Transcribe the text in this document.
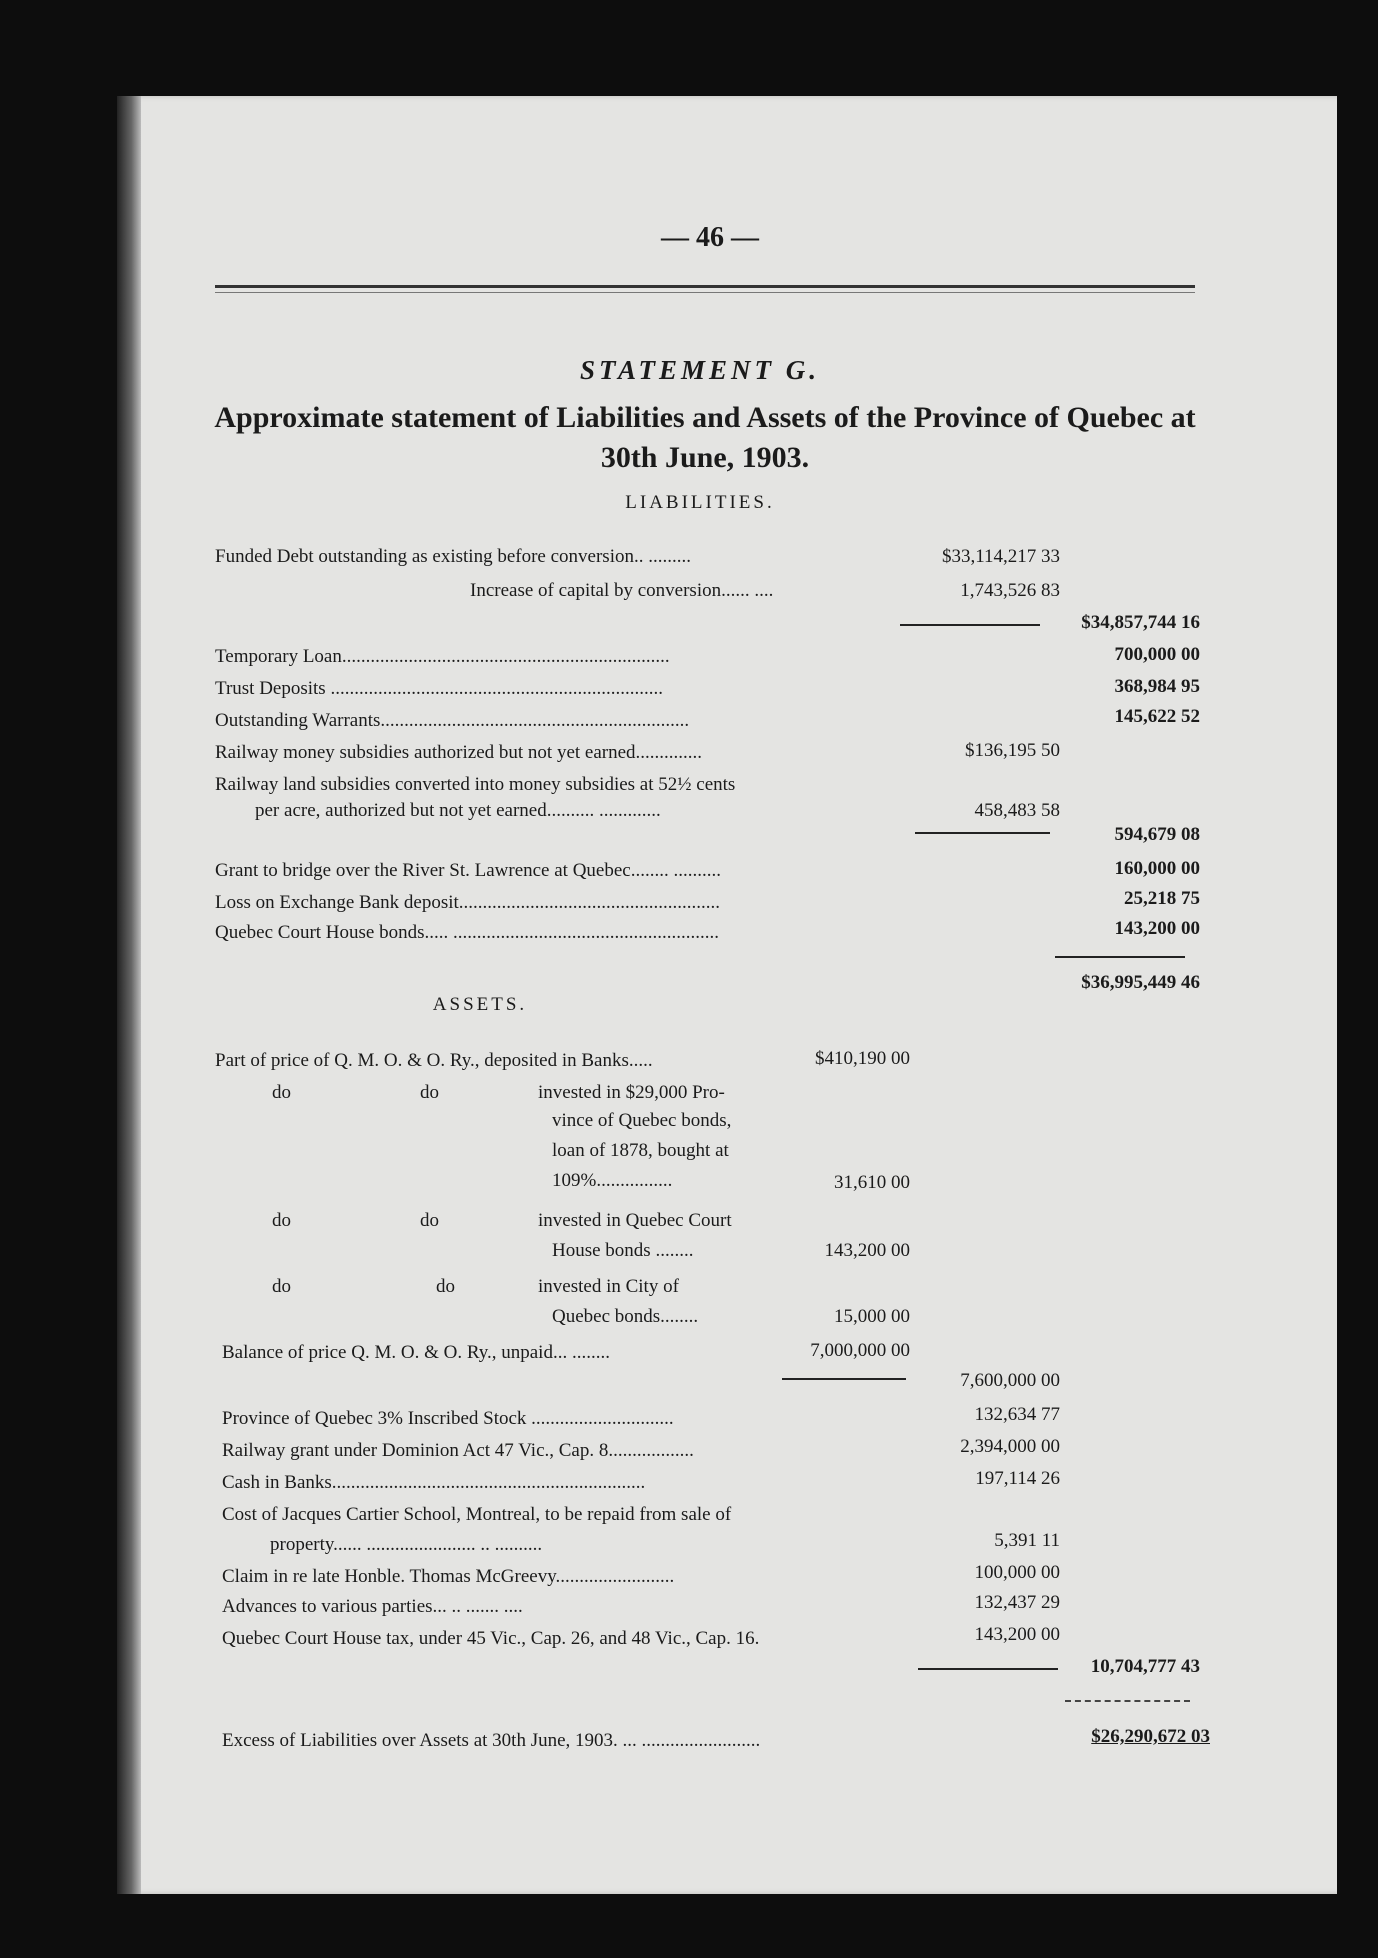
— 46 —
STATEMENT G.
Approximate statement of Liabilities and Assets of the Province of Quebec at 30th June, 1903.
LIABILITIES.
Funded Debt outstanding as existing before conversion.. .........	$33,114,217 33
Increase of capital by conversion...... ....	1,743,526 83
$34,857,744 16
Temporary Loan.....................................................................	700,000 00
Trust Deposits ......................................................................	368,984 95
Outstanding Warrants.................................................................	145,622 52
Railway money subsidies authorized but not yet earned..............	$136,195 50
Railway land subsidies converted into money subsidies at 52½ cents
per acre, authorized but not yet earned.......... .............	458,483 58
594,679 08
Grant to bridge over the River St. Lawrence at Quebec........ ..........	160,000 00
Loss on Exchange Bank deposit.......................................................	25,218 75
Quebec Court House bonds..... ........................................................	143,200 00
$36,995,449 46
ASSETS.
Part of price of Q. M. O. & O. Ry., deposited in Banks.....	$410,190 00
do	do	invested in $29,000 Pro-
vince of Quebec bonds,
loan of 1878, bought at
109%................	31,610 00
do	do	invested in Quebec Court
House bonds ........	143,200 00
do	do	invested in City of
Quebec bonds........	15,000 00
Balance of price Q. M. O. & O. Ry., unpaid... ........	7,000,000 00
7,600,000 00
Province of Quebec 3% Inscribed Stock ..............................	132,634 77
Railway grant under Dominion Act 47 Vic., Cap. 8..................	2,394,000 00
Cash in Banks..................................................................	197,114 26
Cost of Jacques Cartier School, Montreal, to be repaid from sale of
property...... ....................... .. ..........	5,391 11
Claim in re late Honble. Thomas McGreevy.........................	100,000 00
Advances to various parties... .. ....... ....	132,437 29
Quebec Court House tax, under 45 Vic., Cap. 26, and 48 Vic., Cap. 16.	143,200 00
10,704,777 43
Excess of Liabilities over Assets at 30th June, 1903. ... .........................	$26,290,672 03
